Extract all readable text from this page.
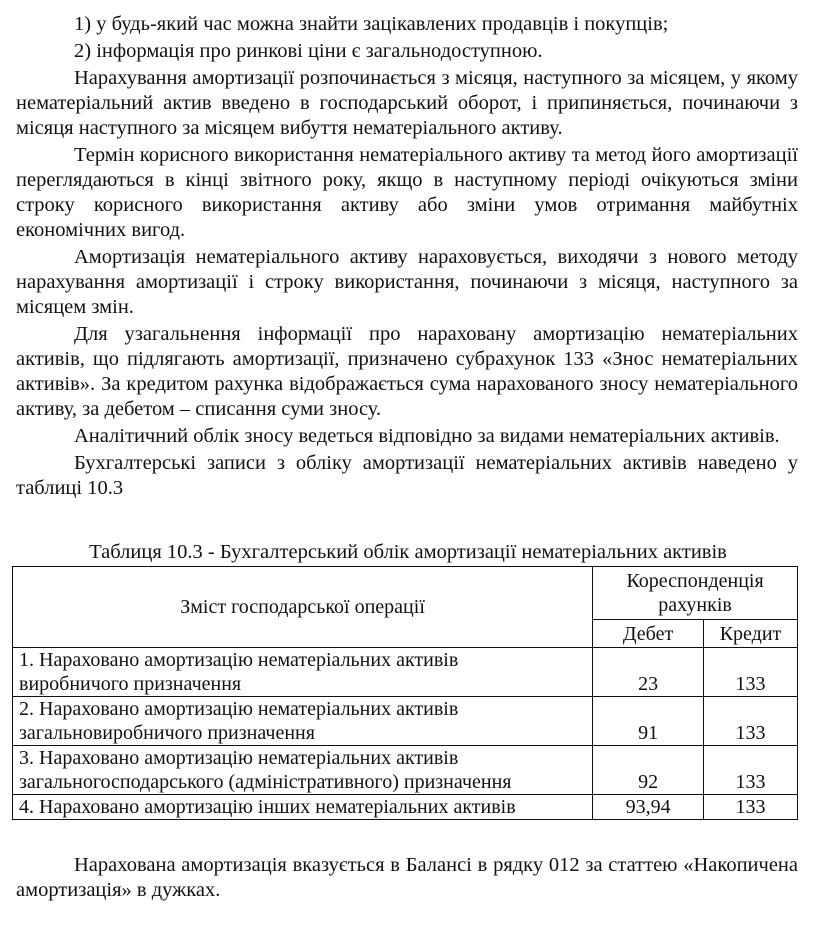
1) у будь-який час можна знайти зацікавлених продавців і покупців;

2) інформація про ринкові ціни є загальнодоступною.

Нарахування амортизації розпочинається з місяця, наступного за місяцем, у якому нематеріальний актив введено в господарський оборот, і припиняється, починаючи з місяця наступного за місяцем вибуття нематеріального активу.

Термін корисного використання нематеріального активу та метод його амортизації переглядаються в кінці звітного року, якщо в наступному періоді очікуються зміни строку корисного використання активу або зміни умов отримання майбутніх економічних вигод.

Амортизація нематеріального активу нараховується, виходячи з нового методу нарахування амортизації і строку використання, починаючи з місяця, наступного за місяцем змін.

Для узагальнення інформації про нараховану амортизацію нематеріальних активів, що підлягають амортизації, призначено субрахунок 133 «Знос нематеріальних активів». За кредитом рахунка відображається сума нарахованого зносу нематеріального активу, за дебетом – списання суми зносу.

Аналітичний облік зносу ведеться відповідно за видами нематеріальних активів.

Бухгалтерські записи з обліку амортизації нематеріальних активів наведено у таблиці 10.3

Таблиця 10.3 - Бухгалтерський облік амортизації нематеріальних активів
Зміст господарської операції	Кореспонденція рахунків	
	Дебет	Кредит
1. Нараховано амортизацію нематеріальних активів
виробничого призначення	23	133
2. Нараховано амортизацію нематеріальних активів
загальновиробничого призначення	91	133
3. Нараховано амортизацію нематеріальних активів
загальногосподарського (адміністративного) призначення	92	133
4. Нараховано амортизацію інших нематеріальних активів	93,94	133

Нарахована амортизація вказується в Балансі в рядку 012 за статтею «Накопичена амортизація» в дужках.
